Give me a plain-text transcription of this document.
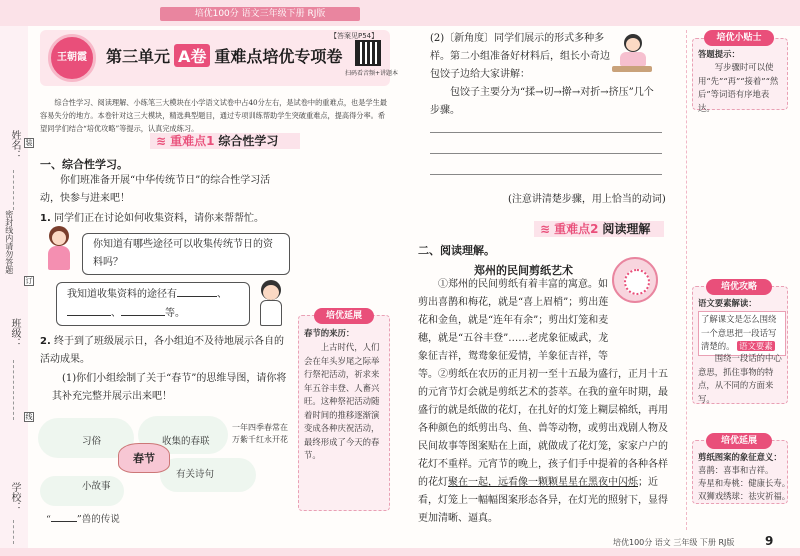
培优100分 语文三年级下册 RJ版
姓名：
密封线内请勿答题
班级：
学校：
装
订
线
王朝霞	第三单元 A卷 重难点培优专项卷
【答案见P54】
扫码看音频+讲题本
综合性学习、阅读理解、小练笔三大模块在小学语文试卷中占40分左右，是试卷中的重难点，也是学生最容易失分的地方。本卷针对这三大模块，精选典型题目，通过专项训练帮助学生突破重难点，提高得分率。希望同学们结合“培优攻略”等提示，认真完成练习。
≋ 重难点1 综合性学习
一、综合性学习。
你们班准备开展“中华传统节日”的综合性学习活动，快参与进来吧！
1. 同学们正在讨论如何收集资料，请你来帮帮忙。
你知道有哪些途径可以收集传统节日的资料吗？
我知道收集资料的途径有	、
、	等。
2. 终于到了班级展示日，各小组迫不及待地展示各自的活动成果。
(1)你们小组绘制了关于“春节”的思维导图，请你将其补充完整并展示出来吧！
习俗	收集的春联
有关诗句
小故事
春节
一年四季春常在 万紫千红永开花
“	”兽的传说
培优延展
春节的来历：
上古时代，人们会在年头岁尾之际举行祭祀活动，祈求来年五谷丰登、人畜兴旺。这种祭祀活动随着时间的推移逐渐演变成各种庆祝活动，最终形成了今天的春节。
(2)〔新角度〕同学们展示的形式多种多样。第二小组准备好材料后，组长小奇边包饺子边给大家讲解：
包饺子主要分为“揉→切→擀→对折→挤压”几个步骤。
(注意讲清楚步骤，用上恰当的动词)
培优小贴士
答题提示：
写步骤时可以使用“先”“再”“接着”“然后”等词语有序地表达。
≋ 重难点2 阅读理解
二、阅读理解。
郑州的民间剪纸艺术
①郑州的民间剪纸有着丰富的寓意。如剪出喜鹊和梅花，就是“喜上眉梢”；剪出莲花和金鱼，就是“连年有余”；剪出灯笼和麦穗，就是“五谷丰登”……老虎象征威武，龙象征吉祥，鸳鸯象征爱情，羊象征吉祥，等等。 ②剪纸在农历的正月初一至十五最为盛行，正月十五的元宵节灯会就是剪纸艺术的荟萃。在我的童年时期，最盛行的就是纸做的花灯，在扎好的灯笼上糊层棉纸，再用各种颜色的纸剪出鸟、鱼、兽等动物，或剪出戏剧人物及民间故事等图案贴在上面，就做成了花灯笼，家家户户的花灯不重样。元宵节的晚上，孩子们手中提着的各种各样的花灯聚在一起，远看像一颗颗星星在黑夜中闪烁；近看，灯笼上一幅幅图案形态各异，在灯光的照射下，显得更加清晰、逼真。
培优攻略
语文要素解读：
了解课文是怎么围绕一个意思把一段话写清楚的。 语文要素
围绕一段话的中心意思，抓住事物的特点，从不同的方面来写。
培优延展
剪纸图案的象征意义：
喜鹊：喜事和吉祥。
寿星和寿桃：健康长寿。
双狮戏绣球：祛灾祈福。
培优100分 语文 三年级 下册 RJ版	9
